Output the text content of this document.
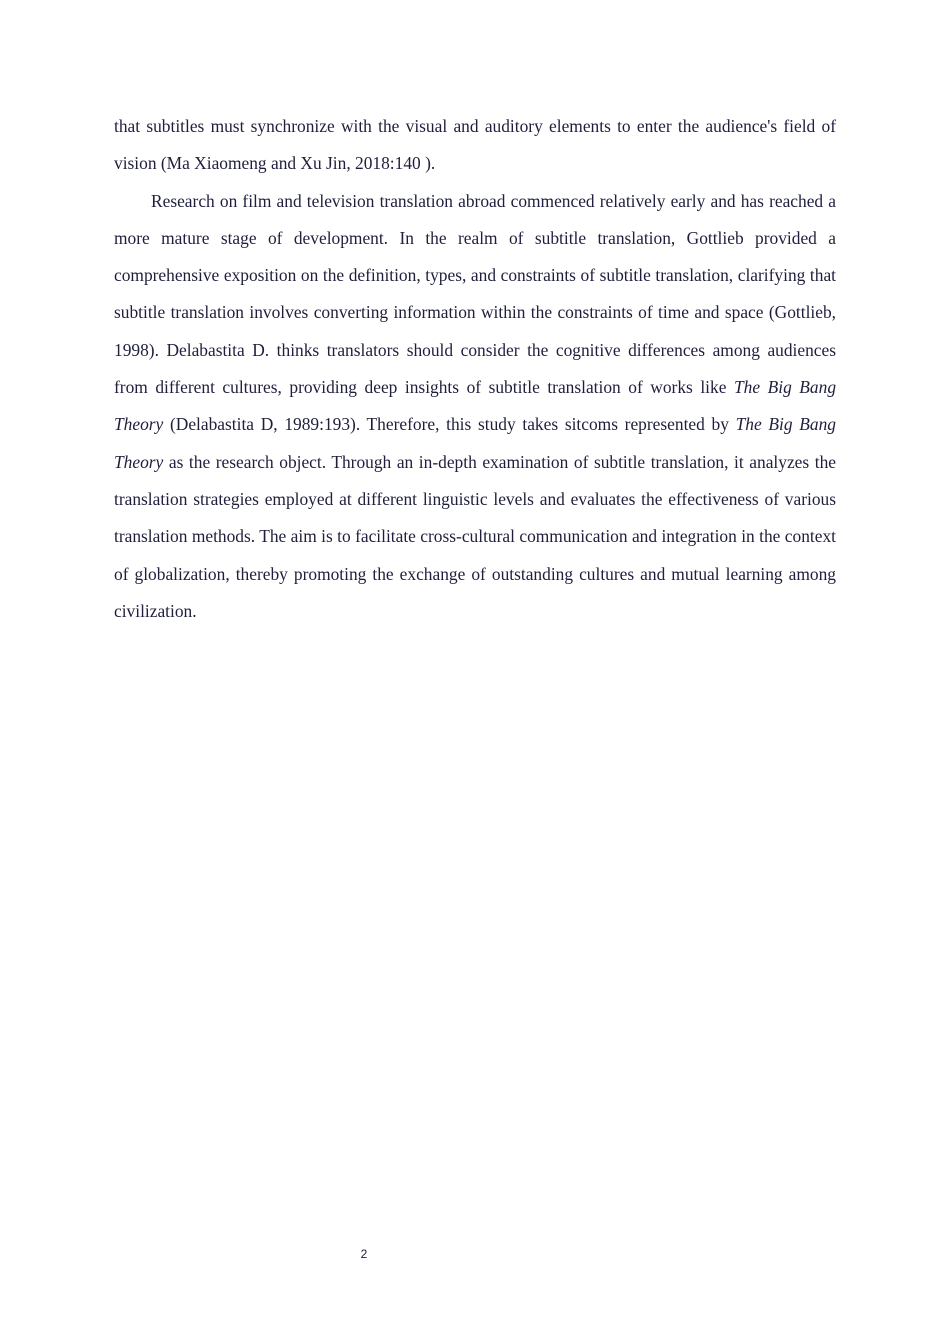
that subtitles must synchronize with the visual and auditory elements to enter the audience's field of vision (Ma Xiaomeng and Xu Jin, 2018:140 ).

Research on film and television translation abroad commenced relatively early and has reached a more mature stage of development. In the realm of subtitle translation, Gottlieb provided a comprehensive exposition on the definition, types, and constraints of subtitle translation, clarifying that subtitle translation involves converting information within the constraints of time and space (Gottlieb, 1998). Delabastita D. thinks translators should consider the cognitive differences among audiences from different cultures, providing deep insights of subtitle translation of works like The Big Bang Theory (Delabastita D, 1989:193). Therefore, this study takes sitcoms represented by The Big Bang Theory as the research object. Through an in-depth examination of subtitle translation, it analyzes the translation strategies employed at different linguistic levels and evaluates the effectiveness of various translation methods. The aim is to facilitate cross-cultural communication and integration in the context of globalization, thereby promoting the exchange of outstanding cultures and mutual learning among civilization.

2
